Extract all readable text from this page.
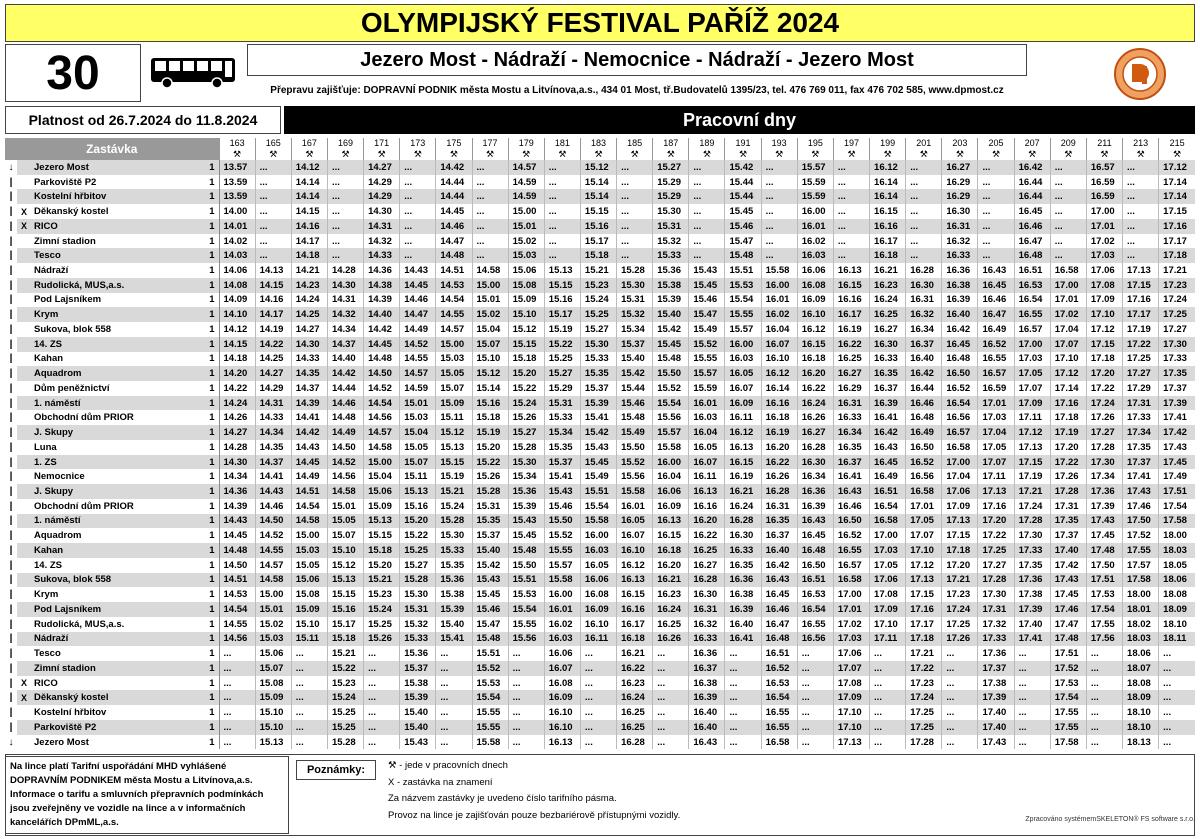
OLYMPIJSKÝ FESTIVAL PAŘÍŽ 2024
30	Jezero Most - Nádraží - Nemocnice - Nádraží - Jezero Most
Přepravu zajišťuje: DOPRAVNÍ PODNIK města Mostu a Litvínova,a.s., 434 01 Most, tř.Budovatelů 1395/23, tel. 476 769 011, fax 476 702 585, www.dpmost.cz
Platnost od 26.7.2024 do 11.8.2024	Pracovní dny
Zastávka				163	165	167	169	171	173	175	177	179	181	183	185	187	189	191	193	195	197	199	201	203	205	207	209	211	213	215
				⚒	⚒	⚒	⚒	⚒	⚒	⚒	⚒	⚒	⚒	⚒	⚒	⚒	⚒	⚒	⚒	⚒	⚒	⚒	⚒	⚒	⚒	⚒	⚒	⚒	⚒	⚒
↓		Jezero Most	1	13.57	...	14.12	...	14.27	...	14.42	...	14.57	...	15.12	...	15.27	...	15.42	...	15.57	...	16.12	...	16.27	...	16.42	...	16.57	...	17.12
|		Parkoviště P2	1	13.59	...	14.14	...	14.29	...	14.44	...	14.59	...	15.14	...	15.29	...	15.44	...	15.59	...	16.14	...	16.29	...	16.44	...	16.59	...	17.14
|		Kostelní hřbitov	1	13.59	...	14.14	...	14.29	...	14.44	...	14.59	...	15.14	...	15.29	...	15.44	...	15.59	...	16.14	...	16.29	...	16.44	...	16.59	...	17.14
|	X	Děkanský kostel	1	14.00	...	14.15	...	14.30	...	14.45	...	15.00	...	15.15	...	15.30	...	15.45	...	16.00	...	16.15	...	16.30	...	16.45	...	17.00	...	17.15
|	X	RICO	1	14.01	...	14.16	...	14.31	...	14.46	...	15.01	...	15.16	...	15.31	...	15.46	...	16.01	...	16.16	...	16.31	...	16.46	...	17.01	...	17.16
|		Zimní stadion	1	14.02	...	14.17	...	14.32	...	14.47	...	15.02	...	15.17	...	15.32	...	15.47	...	16.02	...	16.17	...	16.32	...	16.47	...	17.02	...	17.17
|		Tesco	1	14.03	...	14.18	...	14.33	...	14.48	...	15.03	...	15.18	...	15.33	...	15.48	...	16.03	...	16.18	...	16.33	...	16.48	...	17.03	...	17.18
|		Nádraží	1	14.06	14.13	14.21	14.28	14.36	14.43	14.51	14.58	15.06	15.13	15.21	15.28	15.36	15.43	15.51	15.58	16.06	16.13	16.21	16.28	16.36	16.43	16.51	16.58	17.06	17.13	17.21
|		Rudolická, MUS,a.s.	1	14.08	14.15	14.23	14.30	14.38	14.45	14.53	15.00	15.08	15.15	15.23	15.30	15.38	15.45	15.53	16.00	16.08	16.15	16.23	16.30	16.38	16.45	16.53	17.00	17.08	17.15	17.23
|		Pod Lajsníkem	1	14.09	14.16	14.24	14.31	14.39	14.46	14.54	15.01	15.09	15.16	15.24	15.31	15.39	15.46	15.54	16.01	16.09	16.16	16.24	16.31	16.39	16.46	16.54	17.01	17.09	17.16	17.24
|		Krym	1	14.10	14.17	14.25	14.32	14.40	14.47	14.55	15.02	15.10	15.17	15.25	15.32	15.40	15.47	15.55	16.02	16.10	16.17	16.25	16.32	16.40	16.47	16.55	17.02	17.10	17.17	17.25
|		Sukova, blok 558	1	14.12	14.19	14.27	14.34	14.42	14.49	14.57	15.04	15.12	15.19	15.27	15.34	15.42	15.49	15.57	16.04	16.12	16.19	16.27	16.34	16.42	16.49	16.57	17.04	17.12	17.19	17.27
|		14. ZS	1	14.15	14.22	14.30	14.37	14.45	14.52	15.00	15.07	15.15	15.22	15.30	15.37	15.45	15.52	16.00	16.07	16.15	16.22	16.30	16.37	16.45	16.52	17.00	17.07	17.15	17.22	17.30
|		Kahan	1	14.18	14.25	14.33	14.40	14.48	14.55	15.03	15.10	15.18	15.25	15.33	15.40	15.48	15.55	16.03	16.10	16.18	16.25	16.33	16.40	16.48	16.55	17.03	17.10	17.18	17.25	17.33
|		Aquadrom	1	14.20	14.27	14.35	14.42	14.50	14.57	15.05	15.12	15.20	15.27	15.35	15.42	15.50	15.57	16.05	16.12	16.20	16.27	16.35	16.42	16.50	16.57	17.05	17.12	17.20	17.27	17.35
|		Dům peněžnictví	1	14.22	14.29	14.37	14.44	14.52	14.59	15.07	15.14	15.22	15.29	15.37	15.44	15.52	15.59	16.07	16.14	16.22	16.29	16.37	16.44	16.52	16.59	17.07	17.14	17.22	17.29	17.37
|		1. náměstí	1	14.24	14.31	14.39	14.46	14.54	15.01	15.09	15.16	15.24	15.31	15.39	15.46	15.54	16.01	16.09	16.16	16.24	16.31	16.39	16.46	16.54	17.01	17.09	17.16	17.24	17.31	17.39
|		Obchodní dům PRIOR	1	14.26	14.33	14.41	14.48	14.56	15.03	15.11	15.18	15.26	15.33	15.41	15.48	15.56	16.03	16.11	16.18	16.26	16.33	16.41	16.48	16.56	17.03	17.11	17.18	17.26	17.33	17.41
|		J. Skupy	1	14.27	14.34	14.42	14.49	14.57	15.04	15.12	15.19	15.27	15.34	15.42	15.49	15.57	16.04	16.12	16.19	16.27	16.34	16.42	16.49	16.57	17.04	17.12	17.19	17.27	17.34	17.42
|		Luna	1	14.28	14.35	14.43	14.50	14.58	15.05	15.13	15.20	15.28	15.35	15.43	15.50	15.58	16.05	16.13	16.20	16.28	16.35	16.43	16.50	16.58	17.05	17.13	17.20	17.28	17.35	17.43
|		1. ZS	1	14.30	14.37	14.45	14.52	15.00	15.07	15.15	15.22	15.30	15.37	15.45	15.52	16.00	16.07	16.15	16.22	16.30	16.37	16.45	16.52	17.00	17.07	17.15	17.22	17.30	17.37	17.45
|		Nemocnice	1	14.34	14.41	14.49	14.56	15.04	15.11	15.19	15.26	15.34	15.41	15.49	15.56	16.04	16.11	16.19	16.26	16.34	16.41	16.49	16.56	17.04	17.11	17.19	17.26	17.34	17.41	17.49
|		J. Skupy	1	14.36	14.43	14.51	14.58	15.06	15.13	15.21	15.28	15.36	15.43	15.51	15.58	16.06	16.13	16.21	16.28	16.36	16.43	16.51	16.58	17.06	17.13	17.21	17.28	17.36	17.43	17.51
|		Obchodní dům PRIOR	1	14.39	14.46	14.54	15.01	15.09	15.16	15.24	15.31	15.39	15.46	15.54	16.01	16.09	16.16	16.24	16.31	16.39	16.46	16.54	17.01	17.09	17.16	17.24	17.31	17.39	17.46	17.54
|		1. náměstí	1	14.43	14.50	14.58	15.05	15.13	15.20	15.28	15.35	15.43	15.50	15.58	16.05	16.13	16.20	16.28	16.35	16.43	16.50	16.58	17.05	17.13	17.20	17.28	17.35	17.43	17.50	17.58
|		Aquadrom	1	14.45	14.52	15.00	15.07	15.15	15.22	15.30	15.37	15.45	15.52	16.00	16.07	16.15	16.22	16.30	16.37	16.45	16.52	17.00	17.07	17.15	17.22	17.30	17.37	17.45	17.52	18.00
|		Kahan	1	14.48	14.55	15.03	15.10	15.18	15.25	15.33	15.40	15.48	15.55	16.03	16.10	16.18	16.25	16.33	16.40	16.48	16.55	17.03	17.10	17.18	17.25	17.33	17.40	17.48	17.55	18.03
|		14. ZS	1	14.50	14.57	15.05	15.12	15.20	15.27	15.35	15.42	15.50	15.57	16.05	16.12	16.20	16.27	16.35	16.42	16.50	16.57	17.05	17.12	17.20	17.27	17.35	17.42	17.50	17.57	18.05
|		Sukova, blok 558	1	14.51	14.58	15.06	15.13	15.21	15.28	15.36	15.43	15.51	15.58	16.06	16.13	16.21	16.28	16.36	16.43	16.51	16.58	17.06	17.13	17.21	17.28	17.36	17.43	17.51	17.58	18.06
|		Krym	1	14.53	15.00	15.08	15.15	15.23	15.30	15.38	15.45	15.53	16.00	16.08	16.15	16.23	16.30	16.38	16.45	16.53	17.00	17.08	17.15	17.23	17.30	17.38	17.45	17.53	18.00	18.08
|		Pod Lajsníkem	1	14.54	15.01	15.09	15.16	15.24	15.31	15.39	15.46	15.54	16.01	16.09	16.16	16.24	16.31	16.39	16.46	16.54	17.01	17.09	17.16	17.24	17.31	17.39	17.46	17.54	18.01	18.09
|		Rudolická, MUS,a.s.	1	14.55	15.02	15.10	15.17	15.25	15.32	15.40	15.47	15.55	16.02	16.10	16.17	16.25	16.32	16.40	16.47	16.55	17.02	17.10	17.17	17.25	17.32	17.40	17.47	17.55	18.02	18.10
|		Nádraží	1	14.56	15.03	15.11	15.18	15.26	15.33	15.41	15.48	15.56	16.03	16.11	16.18	16.26	16.33	16.41	16.48	16.56	17.03	17.11	17.18	17.26	17.33	17.41	17.48	17.56	18.03	18.11
|		Tesco	1	...	15.06	...	15.21	...	15.36	...	15.51	...	16.06	...	16.21	...	16.36	...	16.51	...	17.06	...	17.21	...	17.36	...	17.51	...	18.06	...
|		Zimní stadion	1	...	15.07	...	15.22	...	15.37	...	15.52	...	16.07	...	16.22	...	16.37	...	16.52	...	17.07	...	17.22	...	17.37	...	17.52	...	18.07	...
|	X	RICO	1	...	15.08	...	15.23	...	15.38	...	15.53	...	16.08	...	16.23	...	16.38	...	16.53	...	17.08	...	17.23	...	17.38	...	17.53	...	18.08	...
|	X	Děkanský kostel	1	...	15.09	...	15.24	...	15.39	...	15.54	...	16.09	...	16.24	...	16.39	...	16.54	...	17.09	...	17.24	...	17.39	...	17.54	...	18.09	...
|		Kostelní hřbitov	1	...	15.10	...	15.25	...	15.40	...	15.55	...	16.10	...	16.25	...	16.40	...	16.55	...	17.10	...	17.25	...	17.40	...	17.55	...	18.10	...
|		Parkoviště P2	1	...	15.10	...	15.25	...	15.40	...	15.55	...	16.10	...	16.25	...	16.40	...	16.55	...	17.10	...	17.25	...	17.40	...	17.55	...	18.10	...
↓		Jezero Most	1	...	15.13	...	15.28	...	15.43	...	15.58	...	16.13	...	16.28	...	16.43	...	16.58	...	17.13	...	17.28	...	17.43	...	17.58	...	18.13	...
Na lince platí Tarifní uspořádání MHD vyhlášené DOPRAVNÍM PODNIKEM města Mostu a Litvínova,a.s. Informace o tarifu a smluvních přepravních podmínkách jsou zveřejněny ve vozidle na lince a v informačních kancelářích DPmML,a.s.
Poznámky:	⚒ - jede v pracovních dnech
X - zastávka na znamení
Za názvem zastávky je uvedeno číslo tarifního pásma.
Provoz na lince je zajišťován pouze bezbariérově přístupnými vozidly.	Zpracováno systémemSKELETON® FS software s.r.o.
